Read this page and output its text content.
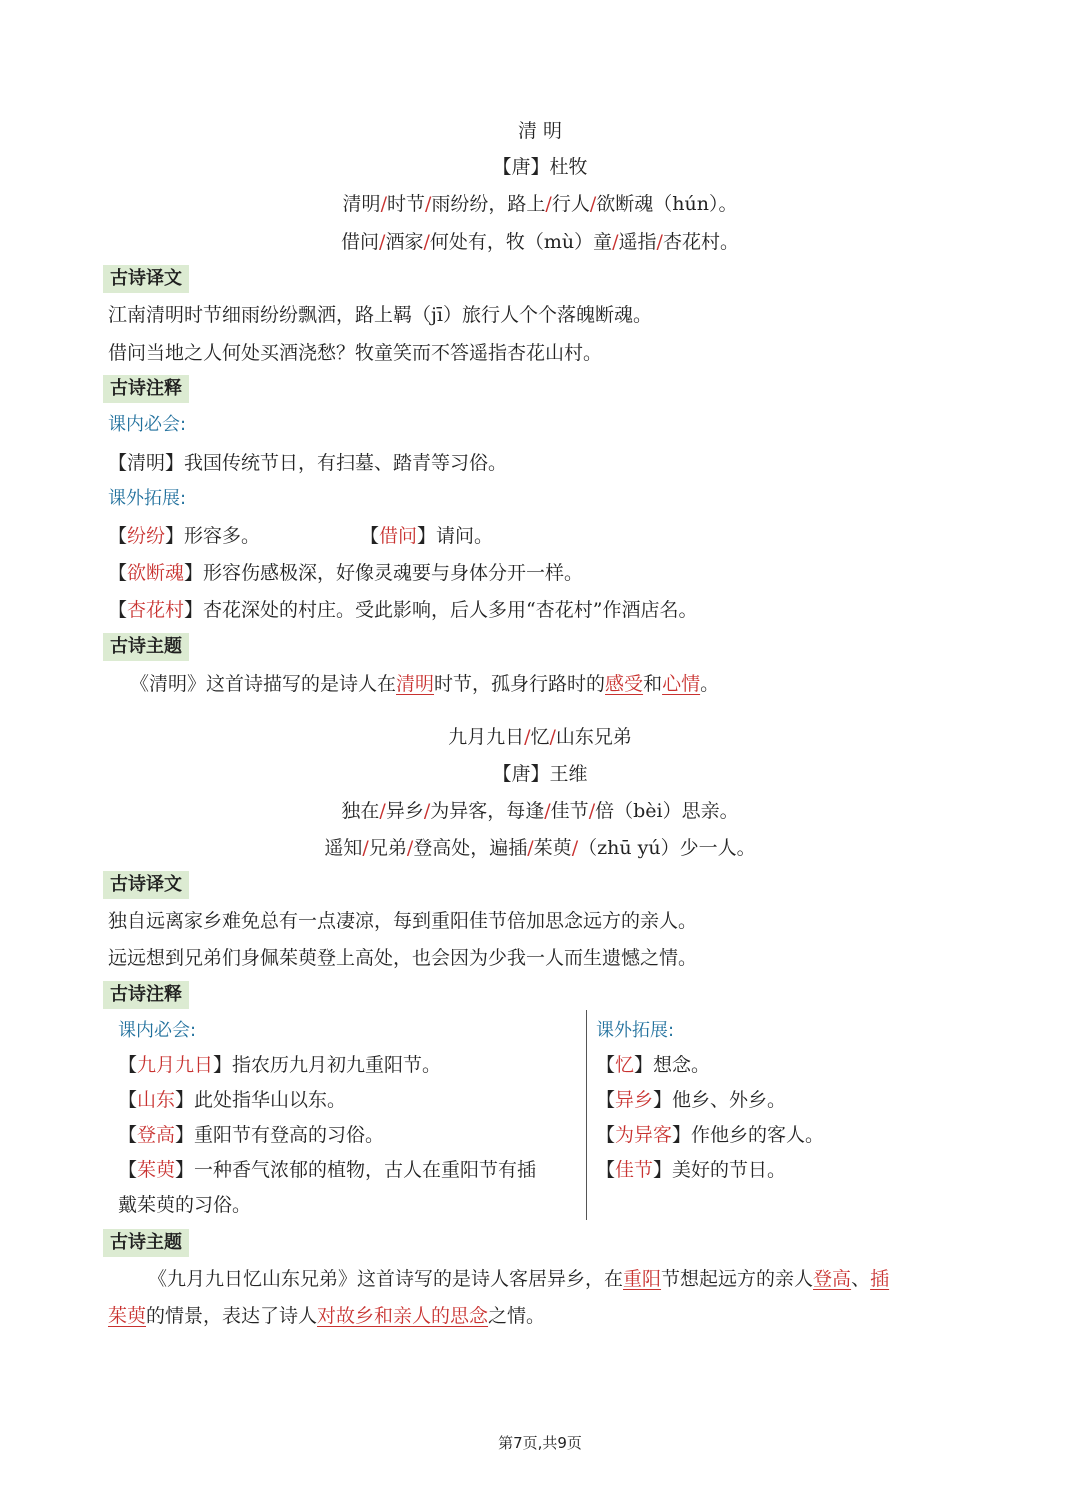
清 明
【唐】杜牧
清明/时节/雨纷纷，路上/行人/欲断魂（hún）。
借问/酒家/何处有，牧（mù）童/遥指/杏花村。
古诗译文
江南清明时节细雨纷纷飘洒，路上羁（jī）旅行人个个落魄断魂。
借问当地之人何处买酒浇愁？牧童笑而不答遥指杏花山村。
古诗注释
课内必会:
【清明】我国传统节日，有扫墓、踏青等习俗。
课外拓展:
【纷纷】形容多。	【借问】请问。
【欲断魂】形容伤感极深，好像灵魂要与身体分开一样。
【杏花村】杏花深处的村庄。受此影响，后人多用“杏花村”作酒店名。
古诗主题
《清明》这首诗描写的是诗人在清明时节，孤身行路时的感受和心情。
九月九日/忆/山东兄弟
【唐】王维
独在/异乡/为异客，每逢/佳节/倍（bèi）思亲。
遥知/兄弟/登高处，遍插/茱萸/（zhū yú）少一人。
古诗译文
独自远离家乡难免总有一点凄凉，每到重阳佳节倍加思念远方的亲人。
远远想到兄弟们身佩茱萸登上高处，也会因为少我一人而生遗憾之情。
古诗注释
课内必会:
【九月九日】指农历九月初九重阳节。
【山东】此处指华山以东。
【登高】重阳节有登高的习俗。
【茱萸】一种香气浓郁的植物，古人在重阳节有插
戴茱萸的习俗。
课外拓展:
【忆】想念。
【异乡】他乡、外乡。
【为异客】作他乡的客人。
【佳节】美好的节日。
古诗主题
《九月九日忆山东兄弟》这首诗写的是诗人客居异乡，在重阳节想起远方的亲人登高、插
茱萸的情景，表达了诗人对故乡和亲人的思念之情。
第7页,共9页
